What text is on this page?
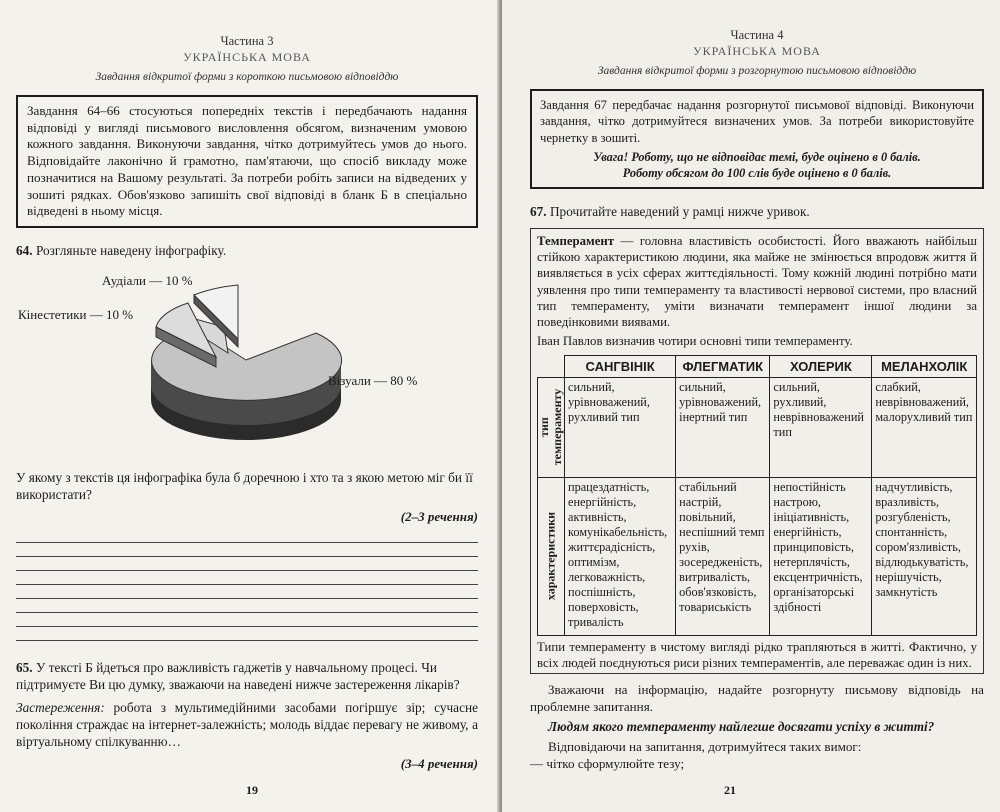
Частина 3
УКРАЇНСЬКА МОВА
Завдання відкритої форми з короткою письмовою відповіддю
Завдання 64–66 стосуються попередніх текстів і передбачають надання відповіді у вигляді письмового висловлення обсягом, визначеним умовою кожного завдання. Виконуючи завдання, чітко дотримуйтесь умов до нього. Відповідайте лаконічно й грамотно, пам'ятаючи, що спосіб викладу може позначитися на Вашому результаті. За потреби робіть записи на відведених у зошиті рядках. Обов'язково запишіть свої відповіді в бланк Б в спеціально відведені в ньому місця.
64. Розгляньте наведену інфографіку.
Аудіали — 10 %
Кінестетики — 10 %
Візуали — 80 %
У якому з текстів ця інфографіка була б доречною і хто та з якою метою міг би її використати?
(2–3 речення)
65. У тексті Б йдеться про важливість гаджетів у навчальному процесі. Чи підтримуєте Ви цю думку, зважаючи на наведені нижче застереження лікарів?
Застереження: робота з мультимедійними засобами погіршує зір; сучасне покоління страждає на інтернет-залежність; молодь віддає перевагу не живому, а віртуальному спілкуванню…
(3–4 речення)
19
Частина 4
УКРАЇНСЬКА МОВА
Завдання відкритої форми з розгорнутою письмовою відповіддю
Завдання 67 передбачає надання розгорнутої письмової відповіді. Виконуючи завдання, чітко дотримуйтеся визначених умов. За потреби використовуйте чернетку в зошиті.
Увага! Роботу, що не відповідає темі, буде оцінено в 0 балів.
Роботу обсягом до 100 слів буде оцінено в 0 балів.
67. Прочитайте наведений у рамці нижче уривок.

Темперамент — головна властивість особистості. Його вважають найбільш стійкою характеристикою людини, яка майже не змінюється впродовж життя й виявляється в усіх сферах життєдіяльності. Тому кожній людині потрібно мати уявлення про типи темпераменту та властивості нервової системи, про власний тип темпераменту, уміти визначати темперамент іншої людини за поведінковими виявами.

Іван Павлов визначив чотири основні типи темпераменту.

	САНГВІНІК	ФЛЕГМАТИК	ХОЛЕРИК	МЕЛАНХОЛІК

тип темпераменту	сильний, урівноважений, рухливий тип	сильний, урівноважений, інертний тип	сильний, рухливий, неврівноважений тип	слабкий, неврівноважений, малорухливий тип

характеристики	працездатність, енергійність, активність, комунікабельність, життєрадісність, оптимізм, легковажність, поспішність, поверховість, тривалість	стабільний настрій, повільний, неспішний темп рухів, зосередженість, витривалість, обов'язковість, товариськість	непостійність настрою, ініціативність, енергійність, принциповість, нетерплячість, ексцентричність, організаторські здібності	надчутливість, вразливість, розгубленість, спонтанність, сором'язливість, відлюдькуватість, нерішучість, замкнутість

Типи темпераменту в чистому вигляді рідко трапляються в житті. Фактично, у всіх людей поєднуються риси різних темпераментів, але переважає один із них.

Зважаючи на інформацію, надайте розгорнуту письмову відповідь на проблемне запитання.
Людям якого темпераменту найлегше досягати успіху в житті?
Відповідаючи на запитання, дотримуйтеся таких вимог:
— чітко сформулюйте тезу;
21
